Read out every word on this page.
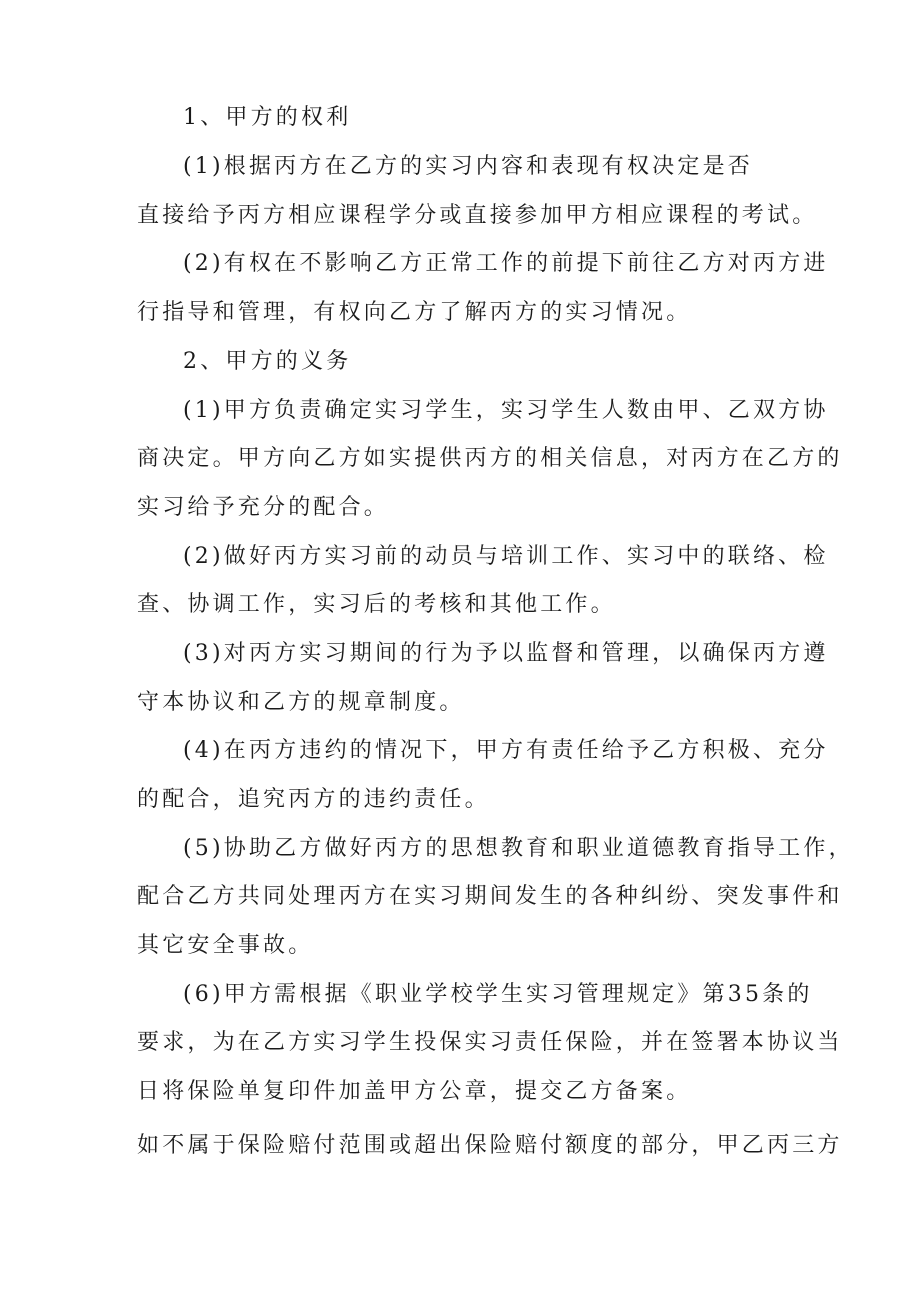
1、甲方的权利
(1)根据丙方在乙方的实习内容和表现有权决定是否
直接给予丙方相应课程学分或直接参加甲方相应课程的考试。
(2)有权在不影响乙方正常工作的前提下前往乙方对丙方进
行指导和管理，有权向乙方了解丙方的实习情况。
2、甲方的义务
(1)甲方负责确定实习学生，实习学生人数由甲、乙双方协
商决定。甲方向乙方如实提供丙方的相关信息，对丙方在乙方的
实习给予充分的配合。
(2)做好丙方实习前的动员与培训工作、实习中的联络、检
查、协调工作，实习后的考核和其他工作。
(3)对丙方实习期间的行为予以监督和管理，以确保丙方遵
守本协议和乙方的规章制度。
(4)在丙方违约的情况下，甲方有责任给予乙方积极、充分
的配合，追究丙方的违约责任。
(5)协助乙方做好丙方的思想教育和职业道德教育指导工作，
配合乙方共同处理丙方在实习期间发生的各种纠纷、突发事件和
其它安全事故。
(6)甲方需根据《职业学校学生实习管理规定》第35条的
要求，为在乙方实习学生投保实习责任保险，并在签署本协议当
日将保险单复印件加盖甲方公章，提交乙方备案。
如不属于保险赔付范围或超出保险赔付额度的部分，甲乙丙三方
